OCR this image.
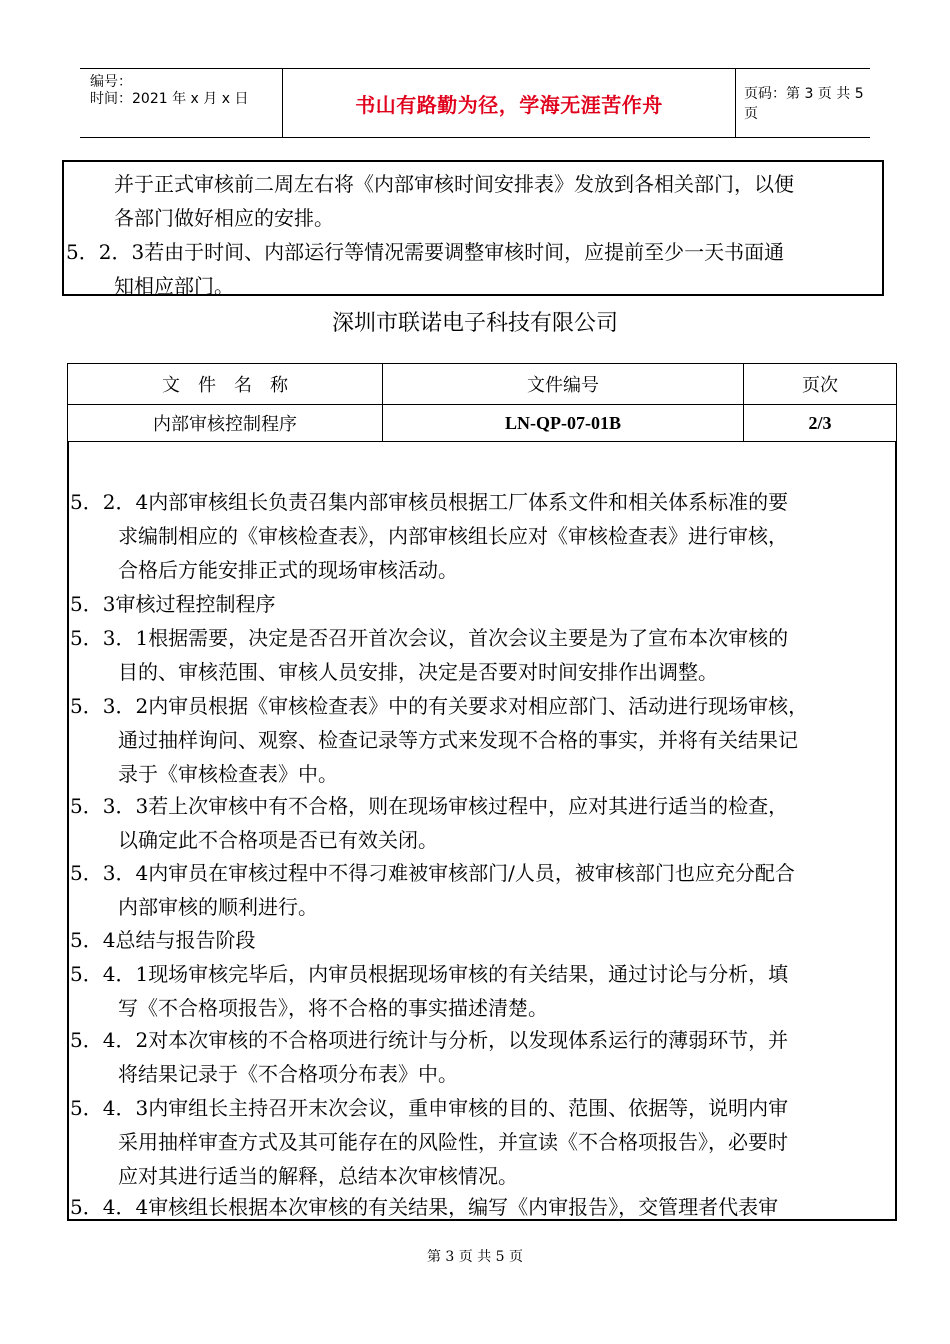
编号：
时间：2021 年 x 月 x 日	书山有路勤为径，学海无涯苦作舟	页码：第 3 页 共 5 页
并于正式审核前二周左右将《内部审核时间安排表》发放到各相关部门，以便
各部门做好相应的安排。
5．2．3若由于时间、内部运行等情况需要调整审核时间，应提前至少一天书面通
知相应部门。
深圳市联诺电子科技有限公司
文　件　名　称	文件编号	页次
内部审核控制程序	LN-QP-07-01B	2/3
5．2．4内部审核组长负责召集内部审核员根据工厂体系文件和相关体系标准的要
求编制相应的《审核检查表》，内部审核组长应对《审核检查表》进行审核，
合格后方能安排正式的现场审核活动。
5．3审核过程控制程序
5．3．1根据需要，决定是否召开首次会议，首次会议主要是为了宣布本次审核的
目的、审核范围、审核人员安排，决定是否要对时间安排作出调整。
5．3．2内审员根据《审核检查表》中的有关要求对相应部门、活动进行现场审核，
通过抽样询问、观察、检查记录等方式来发现不合格的事实，并将有关结果记
录于《审核检查表》中。
5．3．3若上次审核中有不合格，则在现场审核过程中，应对其进行适当的检查，
以确定此不合格项是否已有效关闭。
5．3．4内审员在审核过程中不得刁难被审核部门/人员，被审核部门也应充分配合
内部审核的顺利进行。
5．4总结与报告阶段
5．4．1现场审核完毕后，内审员根据现场审核的有关结果，通过讨论与分析，填
写《不合格项报告》，将不合格的事实描述清楚。
5．4．2对本次审核的不合格项进行统计与分析，以发现体系运行的薄弱环节，并
将结果记录于《不合格项分布表》中。
5．4．3内审组长主持召开末次会议，重申审核的目的、范围、依据等，说明内审
采用抽样审查方式及其可能存在的风险性，并宣读《不合格项报告》，必要时
应对其进行适当的解释，总结本次审核情况。
5．4．4审核组长根据本次审核的有关结果，编写《内审报告》，交管理者代表审
第 3 页 共 5 页
